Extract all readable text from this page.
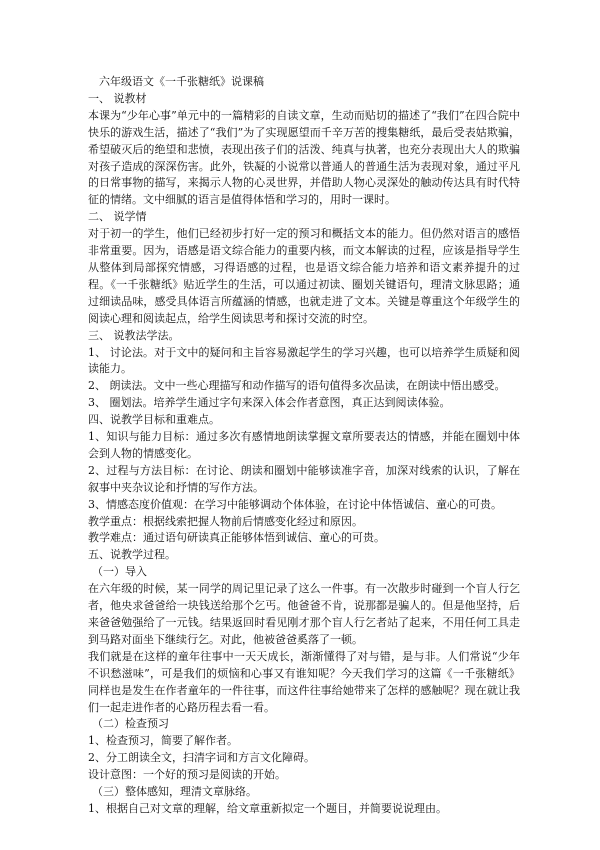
六年级语文《一千张糖纸》说课稿

一、 说教材

本课为“少年心事”单元中的一篇精彩的自读文章，生动而贴切的描述了“我们”在四合院中快乐的游戏生活，描述了“我们”为了实现愿望而千辛万苦的搜集糖纸，最后受表姑欺骗，希望破灭后的绝望和悲愤，表现出孩子们的活泼、纯真与执著，也充分表现出大人的欺骗对孩子造成的深深伤害。此外，铁凝的小说常以普通人的普通生活为表现对象，通过平凡的日常事物的描写，来揭示人物的心灵世界，并借助人物心灵深处的触动传达具有时代特征的情绪。文中细腻的语言是值得体悟和学习的，用时一课时。

二、 说学情

对于初一的学生，他们已经初步打好一定的预习和概括文本的能力。但仍然对语言的感悟非常重要。因为，语感是语文综合能力的重要内核，而文本解读的过程，应该是指导学生从整体到局部探究情感，习得语感的过程，也是语文综合能力培养和语文素养提升的过程。《一千张糖纸》贴近学生的生活，可以通过初读、圈划关键语句，理清文脉思路；通过细读品味，感受具体语言所蕴涵的情感，也就走进了文本。关键是尊重这个年级学生的阅读心理和阅读起点，给学生阅读思考和探讨交流的时空。

三、 说教法学法。

1、 讨论法。对于文中的疑问和主旨容易激起学生的学习兴趣，也可以培养学生质疑和阅读能力。

2、 朗读法。文中一些心理描写和动作描写的语句值得多次品读，在朗读中悟出感受。

3、 圈划法。培养学生通过字句来深入体会作者意图，真正达到阅读体验。

四、说教学目标和重难点。

1、知识与能力目标：通过多次有感情地朗读掌握文章所要表达的情感，并能在圈划中体会到人物的情感变化。

2、过程与方法目标：在讨论、朗读和圈划中能够读准字音，加深对线索的认识，了解在叙事中夹杂议论和抒情的写作方法。

3、情感态度价值观：在学习中能够调动个体体验，在讨论中体悟诚信、童心的可贵。

教学重点：根据线索把握人物前后情感变化经过和原因。

教学难点：通过语句研读真正能够体悟到诚信、童心的可贵。

五、说教学过程。

（一）导入

在六年级的时候，某一同学的周记里记录了这么一件事。有一次散步时碰到一个盲人行乞者，他央求爸爸给一块钱送给那个乞丐。他爸爸不肯，说那都是骗人的。但是他坚持，后来爸爸勉强给了一元钱。结果返回时看见刚才那个盲人行乞者站了起来，不用任何工具走到马路对面坐下继续行乞。对此，他被爸爸奚落了一顿。

我们就是在这样的童年往事中一天天成长，渐渐懂得了对与错，是与非。人们常说“少年不识愁滋味”，可是我们的烦恼和心事又有谁知呢？今天我们学习的这篇《一千张糖纸》同样也是发生在作者童年的一件往事，而这件往事给她带来了怎样的感触呢？现在就让我们一起走进作者的心路历程去看一看。

（二）检查预习

1、检查预习，简要了解作者。

2、分工朗读全文，扫清字词和方言文化障碍。

设计意图：一个好的预习是阅读的开始。

（三）整体感知，理清文章脉络。

1、根据自己对文章的理解，给文章重新拟定一个题目，并简要说说理由。
